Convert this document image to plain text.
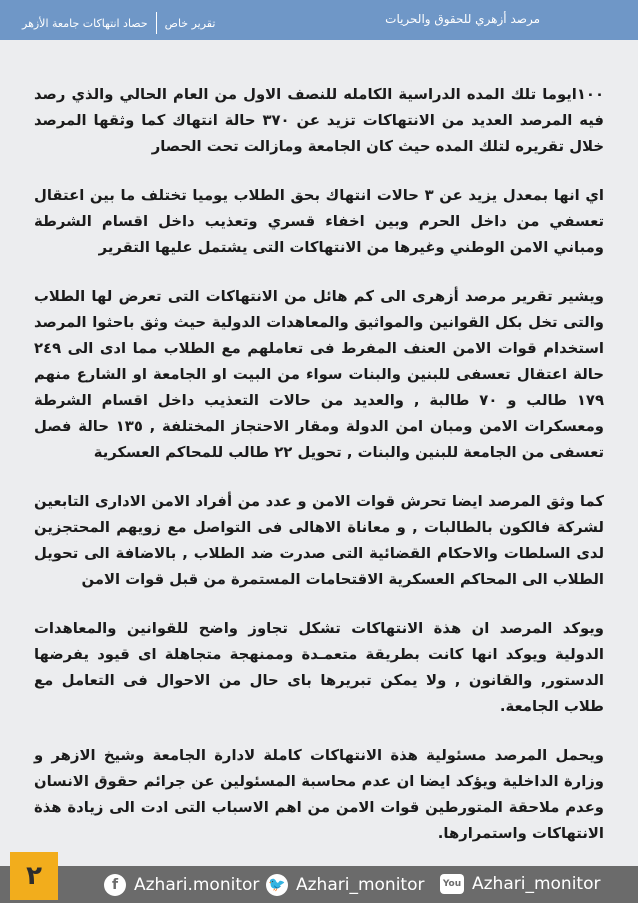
مرصد أزهري للحقوق والحريات
تقرير خاص
حصاد انتهاكات جامعة الأزهر

١٠٠ايوما تلك المده الدراسية الكامله للنصف الاول من العام الحالي والذي رصد فيه المرصد العديد من الانتهاكات تزيد عن ٣٧٠ حالة انتهاك كما وثقها المرصد خلال تقريره لتلك المده حيث كان الجامعة ومازالت تحت الحصار

اي انها بمعدل يزيد عن ٣ حالات انتهاك بحق الطلاب يوميا تختلف ما بين اعتقال تعسفي من داخل الحرم وبين اخفاء قسري وتعذيب داخل اقسام الشرطة ومباني الامن الوطني وغيرها من الانتهاكات التى يشتمل عليها التقرير

ويشير تقرير مرصد أزهرى الى كم هائل من الانتهاكات التى تعرض لها الطلاب والتى تخل بكل القوانين والمواثيق والمعاهدات الدولية حيث وثق باحثوا المرصد استخدام قوات الامن العنف المفرط فى تعاملهم مع الطلاب مما ادى الى ٢٤٩ حالة اعتقال تعسفى للبنين والبنات سواء من البيت او الجامعة او الشارع منهم ١٧٩ طالب و ٧٠ طالبة , والعديد من حالات التعذيب داخل اقسام الشرطة ومعسكرات الامن ومبان امن الدولة ومقار الاحتجاز المختلفة , ١٣٥ حالة فصل تعسفى من الجامعة للبنين والبنات , تحويل ٢٢ طالب للمحاكم العسكرية

كما وثق المرصد ايضا تحرش قوات الامن و عدد من أفراد الامن الادارى التابعين لشركة فالكون بالطالبات , و معاناة الاهالى فى التواصل مع زويهم المحتجزين لدى السلطات والاحكام القضائية التى صدرت ضد الطلاب , بالاضافة الى تحويل الطلاب الى المحاكم العسكرية الاقتحامات المستمرة من قبل قوات الامن

ويوكد المرصد ان هذة الانتهاكات تشكل تجاوز واضح للقوانين والمعاهدات الدولية ويوكد انها كانت بطريقة متعمـدة وممنهجة متجاهلة اى قيود يفرضها الدستور, والقانون , ولا يمكن تبريرها باى حال من الاحوال فى التعامل مع طلاب الجامعة.

ويحمل المرصد مسئولية هذة الانتهاكات كاملة لادارة الجامعة وشيخ الازهر و وزارة الداخلية ويؤكد ايضا ان عدم محاسبة المسئولين عن جرائم حقوق الانسان وعدم ملاحقة المتورطين قوات الامن من اهم الاسباب التى ادت الى زيادة هذة الانتهاكات واستمرارها.

٢	f Azhari.monitor 🐦 Azhari_monitor	You Azhari_monitor
